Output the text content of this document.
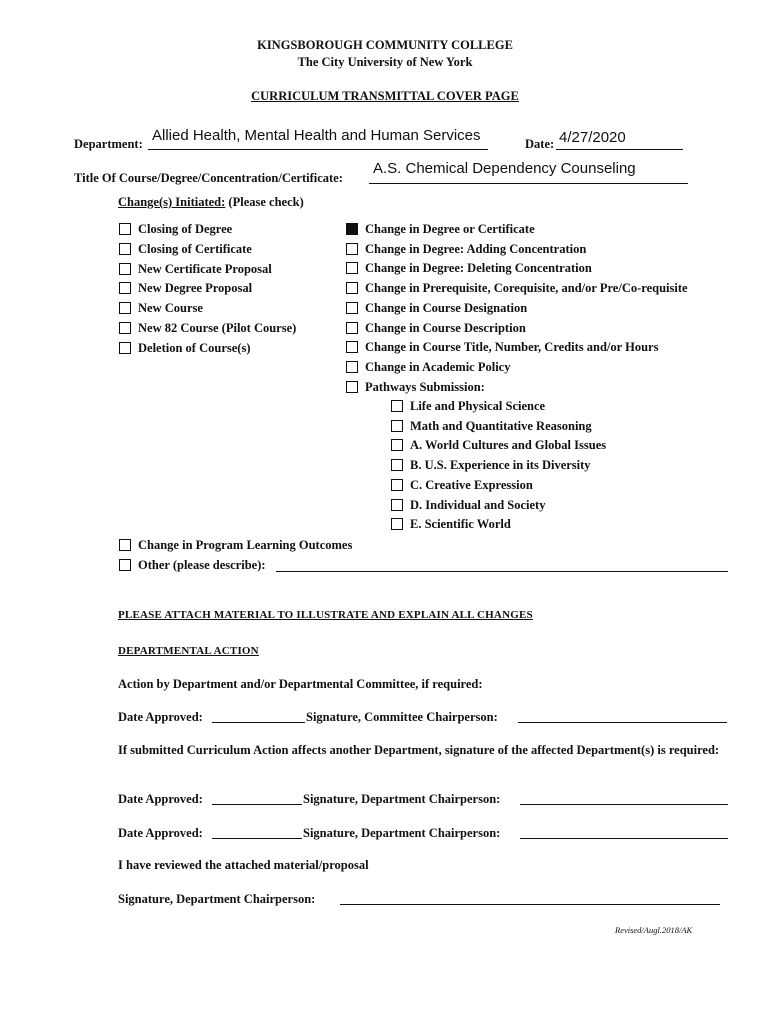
KINGSBOROUGH COMMUNITY COLLEGE
The City University of New York
CURRICULUM TRANSMITTAL COVER PAGE
Department: Allied Health, Mental Health and Human Services	Date: 4/27/2020
Title Of Course/Degree/Concentration/Certificate:
A.S. Chemical Dependency Counseling
Change(s) Initiated: (Please check)
Closing of Degree
Closing of Certificate
New Certificate Proposal
New Degree Proposal
New Course
New 82 Course (Pilot Course)
Deletion of Course(s)
Change in Degree or Certificate
Change in Degree: Adding Concentration
Change in Degree: Deleting Concentration
Change in Prerequisite, Corequisite, and/or Pre/Co-requisite
Change in Course Designation
Change in Course Description
Change in Course Title, Number, Credits and/or Hours
Change in Academic Policy
Pathways Submission:
Life and Physical Science
Math and Quantitative Reasoning
A. World Cultures and Global Issues
B. U.S. Experience in its Diversity
C. Creative Expression
D. Individual and Society
E. Scientific World
Change in Program Learning Outcomes
Other (please describe):
PLEASE ATTACH MATERIAL TO ILLUSTRATE AND EXPLAIN ALL CHANGES
DEPARTMENTAL ACTION
Action by Department and/or Departmental Committee, if required:
Date Approved:	Signature, Committee Chairperson:
If submitted Curriculum Action affects another Department, signature of the affected Department(s) is required:
Date Approved:	Signature, Department Chairperson:
Date Approved:	Signature, Department Chairperson:
I have reviewed the attached material/proposal
Signature, Department Chairperson:
Revised/Augl.2018/AK
